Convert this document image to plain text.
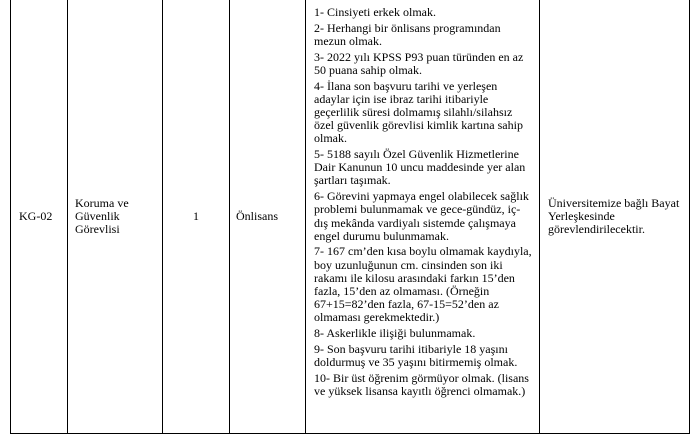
KG-02
Koruma ve
Güvenlik
Görevlisi
1	Önlisans

1- Cinsiyeti erkek olmak.

2- Herhangi bir önlisans programından mezun olmak.

3- 2022 yılı KPSS P93 puan türünden en az 50 puana sahip olmak.

4- İlana son başvuru tarihi ve yerleşen adaylar için ise ibraz tarihi itibariyle geçerlilik süresi dolmamış silahlı/silahsız özel güvenlik görevlisi kimlik kartına sahip olmak.

5- 5188 sayılı Özel Güvenlik Hizmetlerine Dair Kanunun 10 uncu maddesinde yer alan şartları taşımak.

6- Görevini yapmaya engel olabilecek sağlık problemi bulunmamak ve gece-gündüz, iç-dış mekânda vardiyalı sistemde çalışmaya engel durumu bulunmamak.

7- 167 cm’den kısa boylu olmamak kaydıyla, boy uzunluğunun cm. cinsinden son iki rakamı ile kilosu arasındaki farkın 15’den fazla, 15’den az olmaması. (Örneğin 67+15=82’den fazla, 67-15=52’den az olmaması gerekmektedir.)

8- Askerlikle ilişiği bulunmamak.

9- Son başvuru tarihi itibariyle 18 yaşını doldurmuş ve 35 yaşını bitirmemiş olmak.

10- Bir üst öğrenim görmüyor olmak. (lisans ve yüksek lisansa kayıtlı öğrenci olmamak.)

Üniversitemize bağlı Bayat Yerleşkesinde görevlendirilecektir.
